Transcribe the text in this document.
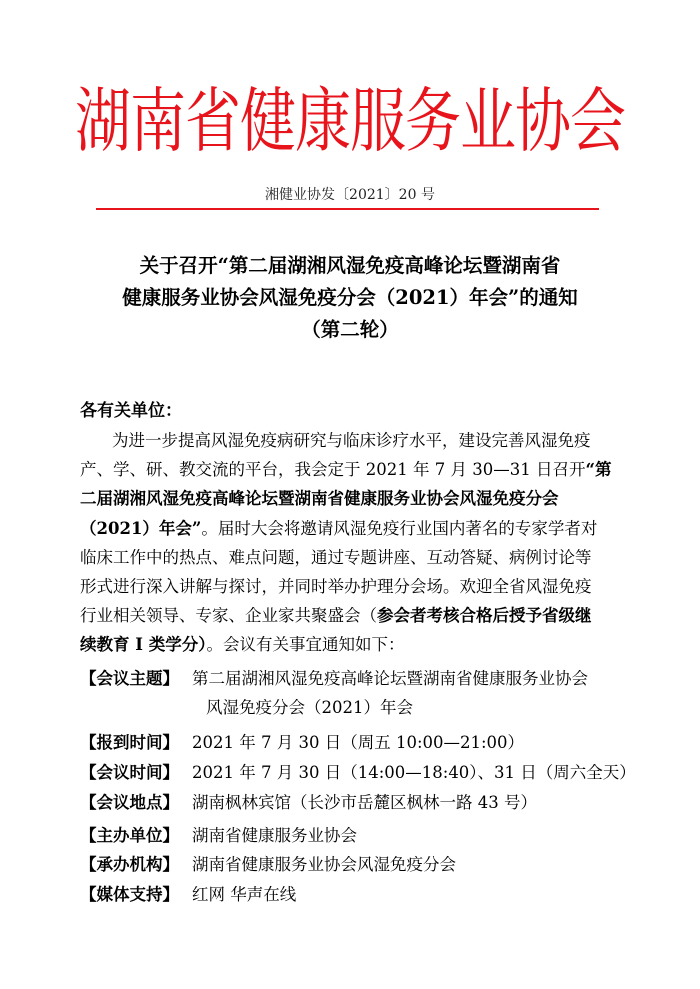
湖南省健康服务业协会
湘健业协发〔2021〕20 号
关于召开“第二届湖湘风湿免疫高峰论坛暨湖南省
健康服务业协会风湿免疫分会（2021）年会”的通知
（第二轮）
各有关单位：
为进一步提高风湿免疫病研究与临床诊疗水平，建设完善风湿免疫
产、学、研、教交流的平台，我会定于 2021 年 7 月 30—31 日召开“第
二届湖湘风湿免疫高峰论坛暨湖南省健康服务业协会风湿免疫分会
（2021）年会”。届时大会将邀请风湿免疫行业国内著名的专家学者对
临床工作中的热点、难点问题，通过专题讲座、互动答疑、病例讨论等
形式进行深入讲解与探讨，并同时举办护理分会场。欢迎全省风湿免疫
行业相关领导、专家、企业家共聚盛会（参会者考核合格后授予省级继
续教育 I 类学分）。会议有关事宜通知如下：
【会议主题】 第二届湖湘风湿免疫高峰论坛暨湖南省健康服务业协会
风湿免疫分会（2021）年会
【报到时间】 2021 年 7 月 30 日（周五 10:00—21:00）
【会议时间】 2021 年 7 月 30 日（14:00—18:40）、31 日（周六全天）
【会议地点】 湖南枫林宾馆（长沙市岳麓区枫林一路 43 号）
【主办单位】 湖南省健康服务业协会
【承办机构】 湖南省健康服务业协会风湿免疫分会
【媒体支持】 红网 华声在线
